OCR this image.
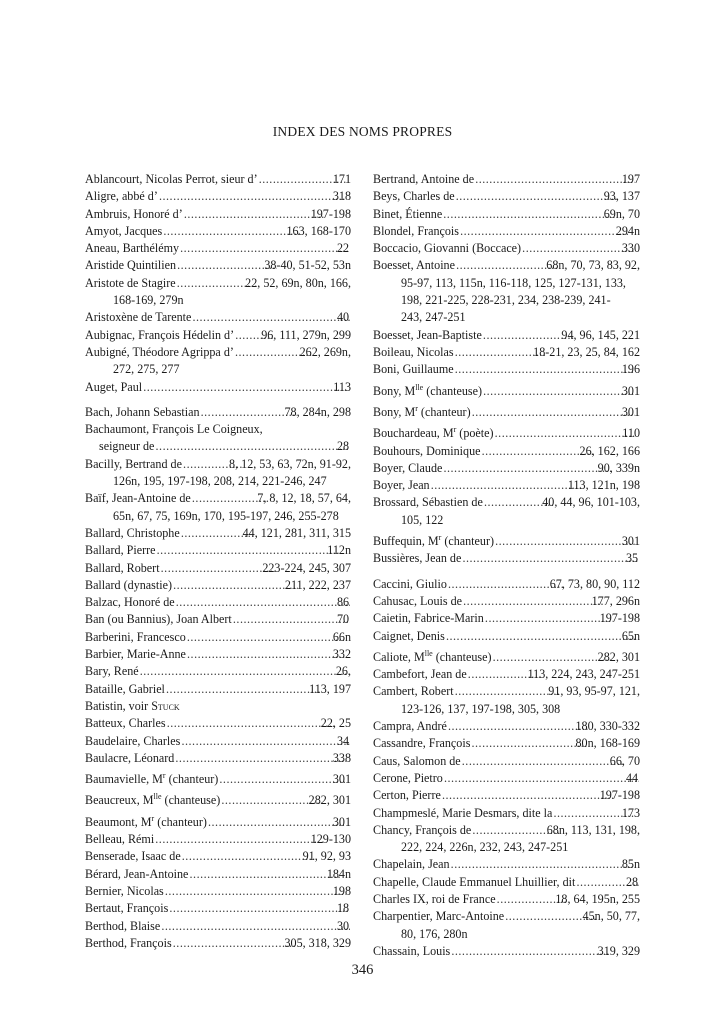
INDEX DES NOMS PROPRES
Ablancourt, Nicolas Perrot, sieur d’ .....	171
Aligre, abbé d’ .....	318
Ambruis, Honoré d’ .....	197-198
Amyot, Jacques .....	163, 168-170
Aneau, Barthélémy .....	22
Aristide Quintilien .....	38-40, 51-52, 53n
Aristote de Stagire .....	22, 52, 69n, 80n, 166,
168-169, 279n
Aristoxène de Tarente .....	40
Aubignac, François Hédelin d’ ..... 96, 111, 279n, 299
Aubigné, Théodore Agrippa d’ .....	262, 269n,
272, 275, 277
Auget, Paul .....	113
Bach, Johann Sebastian .....	78, 284n, 298
Bachaumont, François Le Coigneux,
seigneur de .....	28
Bacilly, Bertrand de .....	8, 12, 53, 63, 72n, 91-92,
126n, 195, 197-198, 208, 214, 221-246, 247
Baïf, Jean-Antoine de .....	7, 8, 12, 18, 57, 64,
65n, 67, 75, 169n, 170, 195-197, 246, 255-278
Ballard, Christophe .....	44, 121, 281, 311, 315
Ballard, Pierre .....	112n
Ballard, Robert .....	223-224, 245, 307
Ballard (dynastie) .....	211, 222, 237
Balzac, Honoré de .....	86
Ban (ou Bannius), Joan Albert .....	70
Barberini, Francesco .....	66n
Barbier, Marie-Anne .....	332
Bary, René .....	26,
Bataille, Gabriel .....	113, 197
Batistin, voir Stuck
Batteux, Charles .....	22, 25
Baudelaire, Charles .....	34
Baulacre, Léonard .....	338
Baumavielle, $M^r$ (chanteur) .....	301
Beaucreux, $M^{lle}$ (chanteuse) .....	282, 301
Beaumont, $M^r$ (chanteur) .....	301
Belleau, Rémi .....	129-130
Benserade, Isaac de .....	91, 92, 93
Bérard, Jean-Antoine .....	184n
Bernier, Nicolas .....	198
Bertaut, François .....	18
Berthod, Blaise .....	30
Berthod, François .....	305, 318, 329
Bertrand, Antoine de .....	197
Beys, Charles de .....	93, 137
Binet, Étienne .....	69n, 70
Blondel, François .....	294n
Boccacio, Giovanni (Boccace) .....	330
Boesset, Antoine .....	68n, 70, 73, 83, 92,
95-97, 113, 115n, 116-118, 125, 127-131, 133,
198, 221-225, 228-231, 234, 238-239, 241-
243, 247-251
Boesset, Jean-Baptiste .....	94, 96, 145, 221
Boileau, Nicolas .....	18-21, 23, 25, 84, 162
Boni, Guillaume .....	196
Bony, $M^{lle}$ (chanteuse) .....	301
Bony, $M^r$ (chanteur) .....	301
Bouchardeau, $M^r$ (poète) .....	110
Bouhours, Dominique .....	26, 162, 166
Boyer, Claude .....	90, 339n
Boyer, Jean .....	113, 121n, 198
Brossard, Sébastien de .....	40, 44, 96, 101-103,
105, 122
Buffequin, $M^r$ (chanteur) .....	301
Bussières, Jean de .....	35
Caccini, Giulio .....	67, 73, 80, 90, 112
Cahusac, Louis de .....	177, 296n
Caietin, Fabrice-Marin .....	197-198
Caignet, Denis .....	65n
Caliote, $M^{lle}$ (chanteuse) .....	282, 301
Cambefort, Jean de .....	113, 224, 243, 247-251
Cambert, Robert .....	91, 93, 95-97, 121,
123-126, 137, 197-198, 305, 308
Campra, André .....	180, 330-332
Cassandre, François .....	80n, 168-169
Caus, Salomon de .....	66, 70
Cerone, Pietro .....	44
Certon, Pierre .....	197-198
Champmeslé, Marie Desmars, dite la .....	173
Chancy, François de .....	68n, 113, 131, 198,
222, 224, 226n, 232, 243, 247-251
Chapelain, Jean .....	85n
Chapelle, Claude Emmanuel Lhuillier, dit .....	28
Charles IX, roi de France .....	18, 64, 195n, 255
Charpentier, Marc-Antoine .....	45n, 50, 77,
80, 176, 280n
Chassain, Louis .....	319, 329
346
